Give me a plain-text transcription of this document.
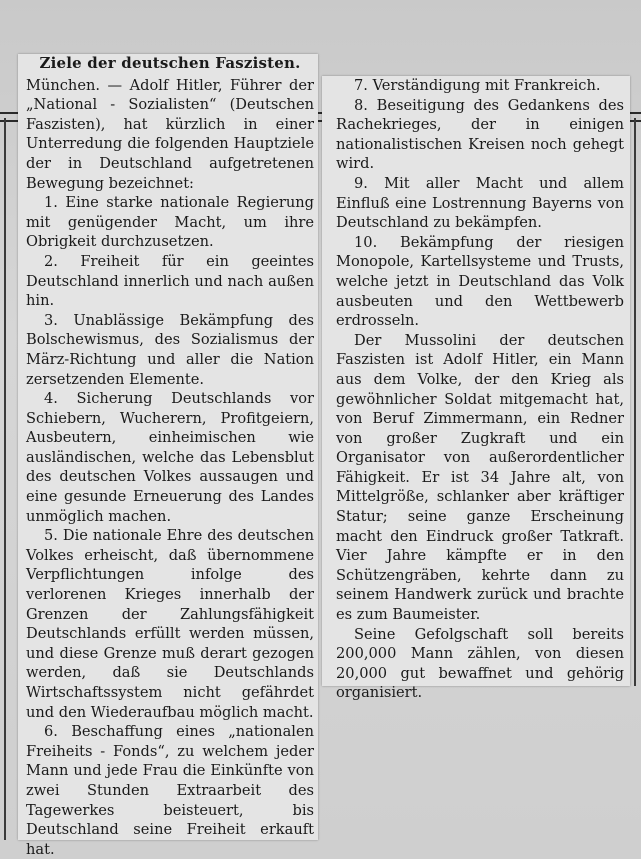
Ziele der deutschen Faszisten.

München. — Adolf Hitler, Führer der „National - Sozialisten“ (Deutschen Faszisten), hat kürzlich in einer Unterredung die folgenden Hauptziele der in Deutschland aufgetretenen Bewegung bezeichnet:

1. Eine starke nationale Regierung mit genügender Macht, um ihre Obrigkeit durchzusetzen.

2. Freiheit für ein geeintes Deutschland innerlich und nach außen hin.

3. Unablässige Bekämpfung des Bolschewismus, des Sozialismus der März-Richtung und aller die Nation zersetzenden Elemente.

4. Sicherung Deutschlands vor Schiebern, Wucherern, Profitgeiern, Ausbeutern, einheimischen wie ausländischen, welche das Lebensblut des deutschen Volkes aussaugen und eine gesunde Erneuerung des Landes unmöglich machen.

5. Die nationale Ehre des deutschen Volkes erheischt, daß übernommene Verpflichtungen infolge des verlorenen Krieges innerhalb der Grenzen der Zahlungsfähigkeit Deutschlands erfüllt werden müssen, und diese Grenze muß derart gezogen werden, daß sie Deutschlands Wirtschaftssystem nicht gefährdet und den Wiederaufbau möglich macht.

6. Beschaffung eines „nationalen Freiheits - Fonds“, zu welchem jeder Mann und jede Frau die Einkünfte von zwei Stunden Extraarbeit des Tagewerkes beisteuert, bis Deutschland seine Freiheit erkauft hat.

7. Verständigung mit Frankreich.

8. Beseitigung des Gedankens des Rachekrieges, der in einigen nationalistischen Kreisen noch gehegt wird.

9. Mit aller Macht und allem Einfluß eine Lostrennung Bayerns von Deutschland zu bekämpfen.

10. Bekämpfung der riesigen Monopole, Kartellsysteme und Trusts, welche jetzt in Deutschland das Volk ausbeuten und den Wettbewerb erdrosseln.

Der Mussolini der deutschen Faszisten ist Adolf Hitler, ein Mann aus dem Volke, der den Krieg als gewöhnlicher Soldat mitgemacht hat, von Beruf Zimmermann, ein Redner von großer Zugkraft und ein Organisator von außerordentlicher Fähigkeit. Er ist 34 Jahre alt, von Mittelgröße, schlanker aber kräftiger Statur; seine ganze Erscheinung macht den Eindruck großer Tatkraft. Vier Jahre kämpfte er in den Schützengräben, kehrte dann zu seinem Handwerk zurück und brachte es zum Baumeister.

Seine Gefolgschaft soll bereits 200,000 Mann zählen, von diesen 20,000 gut bewaffnet und gehörig organisiert.
